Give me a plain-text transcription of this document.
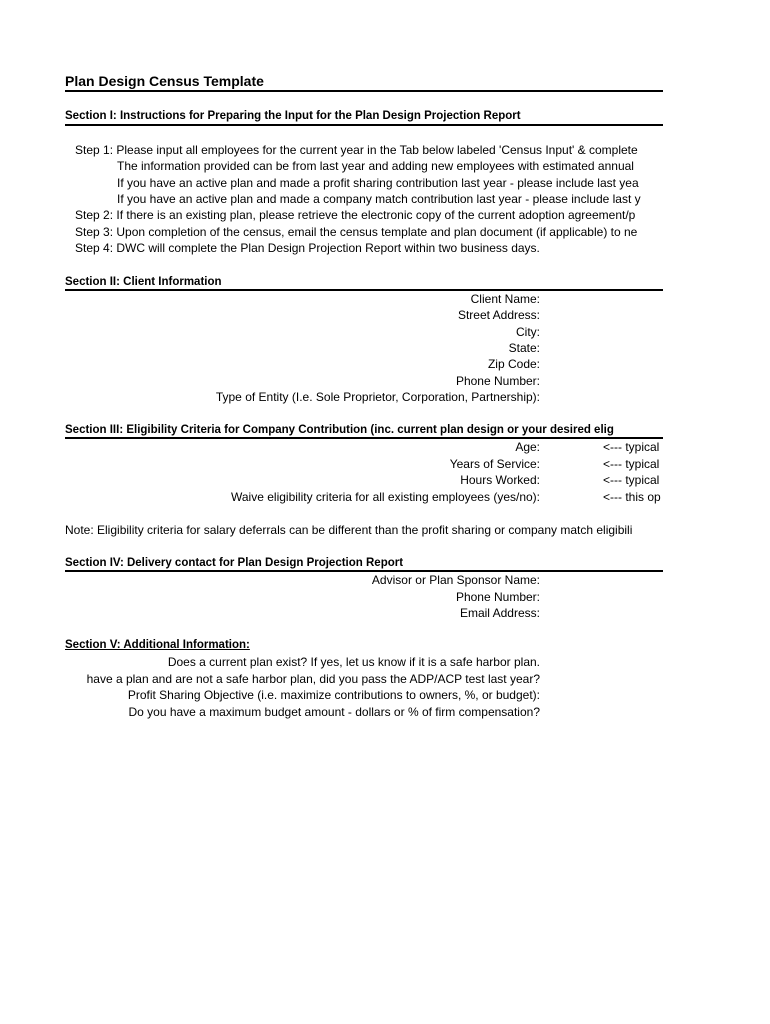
Plan Design Census Template
Section I: Instructions for Preparing the Input for the Plan Design Projection Report
Step 1: Please input all employees for the current year in the Tab below labeled 'Census Input' & complete
The information provided can be from last year and adding new employees with estimated annual
If you have an active plan and made a profit sharing contribution last year - please include last yea
If you have an active plan and made a company match contribution last year - please include last y
Step 2: If there is an existing plan, please retrieve the electronic copy of the current adoption agreement/p
Step 3: Upon completion of the census, email the census template and plan document (if applicable) to ne
Step 4: DWC will complete the Plan Design Projection Report within two business days.
Section II: Client Information
Client Name:
Street Address:
City:
State:
Zip Code:
Phone Number:
Type of Entity (I.e. Sole Proprietor, Corporation, Partnership):
Section III: Eligibility Criteria for Company Contribution (inc. current plan design or your desired elig
Age:	<--- typical
Years of Service:	<--- typical
Hours Worked:	<--- typical
Waive eligibility criteria for all existing employees (yes/no):	<--- this op
Note: Eligibility criteria for salary deferrals can be different than the profit sharing or company match eligibili
Section IV: Delivery contact for Plan Design Projection Report
Advisor or Plan Sponsor Name:
Phone Number:
Email Address:
Section V: Additional Information:
Does a current plan exist? If yes, let us know if it is a safe harbor plan.
have a plan and are not a safe harbor plan, did you pass the ADP/ACP test last year?
Profit Sharing Objective (i.e. maximize contributions to owners, %, or budget):
Do you have a maximum budget amount - dollars or % of firm compensation?
